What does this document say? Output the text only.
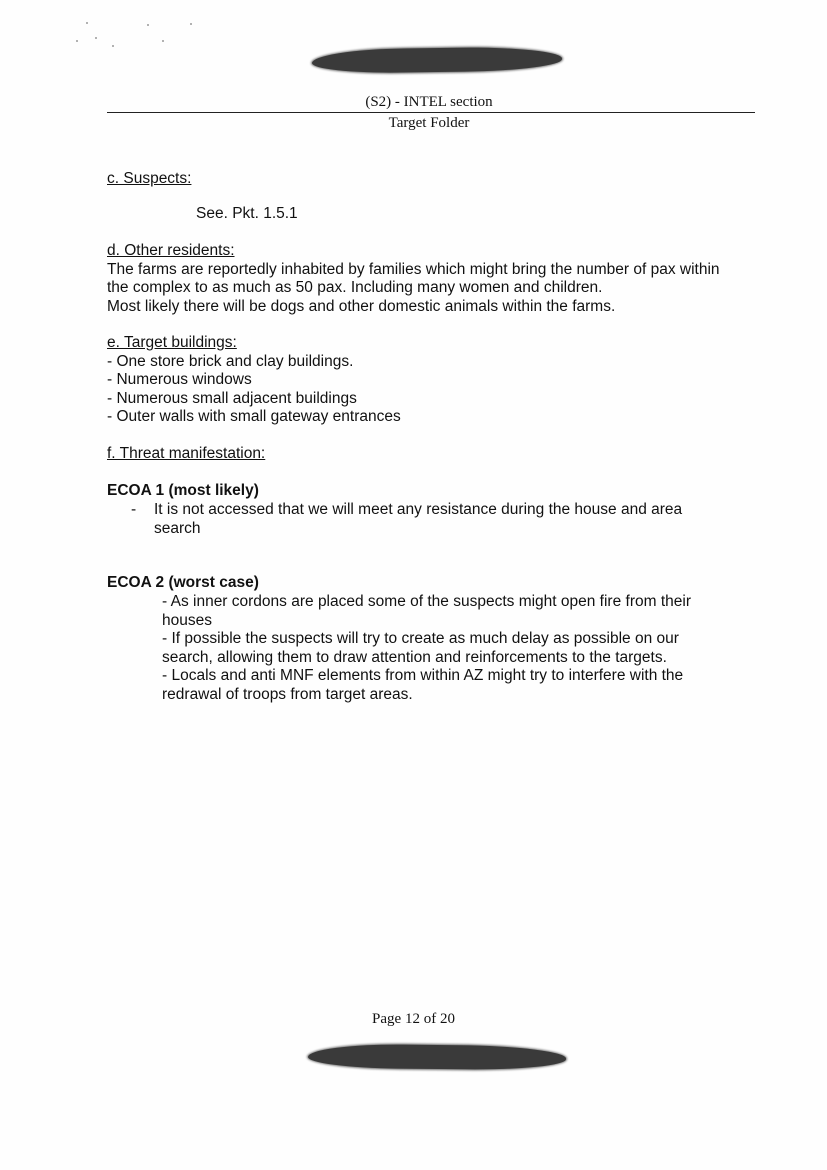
(S2) - INTEL section
Target Folder
c. Suspects:
See. Pkt. 1.5.1
d. Other residents:
The farms are reportedly inhabited by families which might bring the number of pax within
the complex to as much as 50 pax. Including many women and children.
Most likely there will be dogs and other domestic animals within the farms.
e. Target buildings:
- One store brick and clay buildings.
- Numerous windows
- Numerous small adjacent buildings
- Outer walls with small gateway entrances
f. Threat manifestation:
ECOA 1 (most likely)
- It is not accessed that we will meet any resistance during the house and area
search
ECOA 2 (worst case)
- As inner cordons are placed some of the suspects might open fire from their
houses
- If possible the suspects will try to create as much delay as possible on our
search, allowing them to draw attention and reinforcements to the targets.
- Locals and anti MNF elements from within AZ might try to interfere with the
redrawal of troops from target areas.
Page 12 of 20
